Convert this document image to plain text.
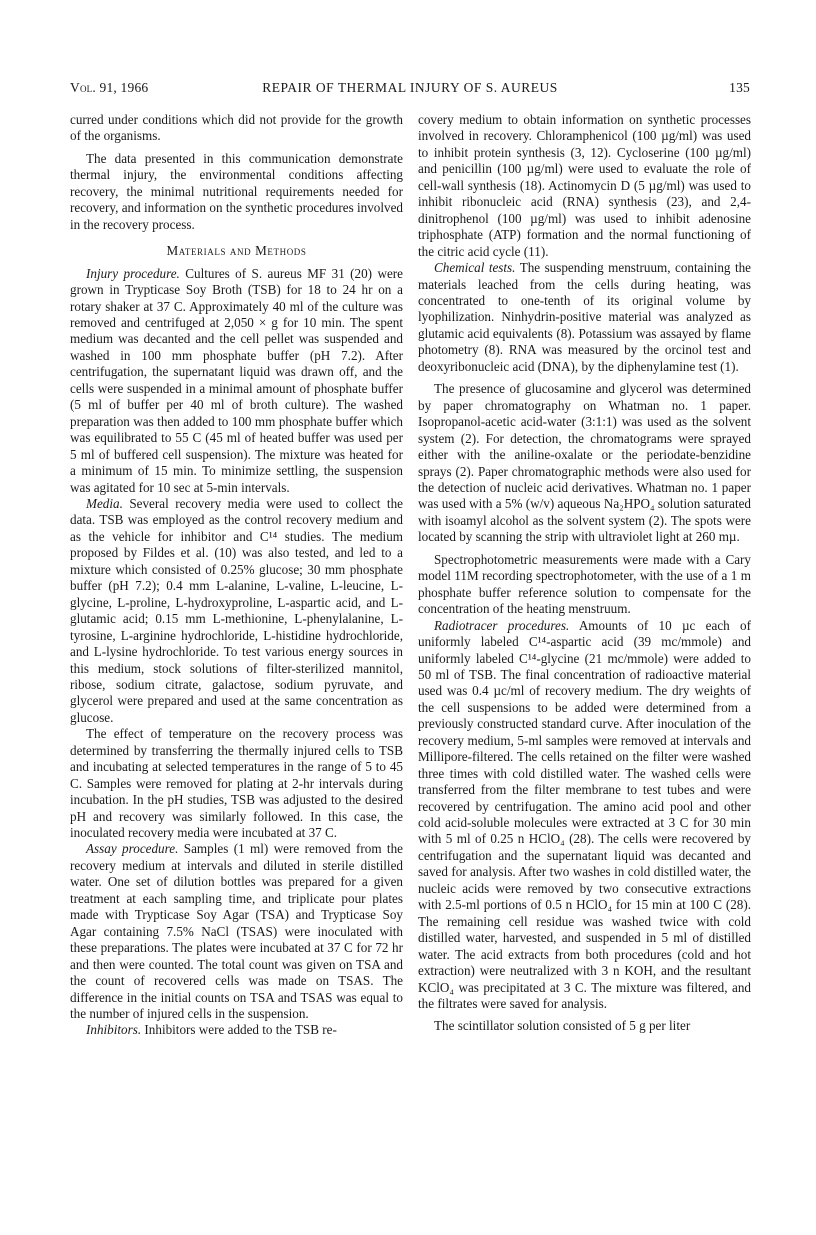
Vol. 91, 1966	REPAIR OF THERMAL INJURY OF S. AUREUS	135

curred under conditions which did not provide for the growth of the organisms.

The data presented in this communication demonstrate thermal injury, the environmental conditions affecting recovery, the minimal nutritional requirements needed for recovery, and information on the synthetic procedures involved in the recovery process.

Materials and Methods

Injury procedure. Cultures of S. aureus MF 31 (20) were grown in Trypticase Soy Broth (TSB) for 18 to 24 hr on a rotary shaker at 37 C. Approximately 40 ml of the culture was removed and centrifuged at 2,050 × g for 10 min. The spent medium was decanted and the cell pellet was suspended and washed in 100 mm phosphate buffer (pH 7.2). After centrifugation, the supernatant liquid was drawn off, and the cells were suspended in a minimal amount of phosphate buffer (5 ml of buffer per 40 ml of broth culture). The washed preparation was then added to 100 mm phosphate buffer which was equilibrated to 55 C (45 ml of heated buffer was used per 5 ml of buffered cell suspension). The mixture was heated for a minimum of 15 min. To minimize settling, the suspension was agitated for 10 sec at 5-min intervals.

Media. Several recovery media were used to collect the data. TSB was employed as the control recovery medium and as the vehicle for inhibitor and C¹⁴ studies. The medium proposed by Fildes et al. (10) was also tested, and led to a mixture which consisted of 0.25% glucose; 30 mm phosphate buffer (pH 7.2); 0.4 mm L-alanine, L-valine, L-leucine, L-glycine, L-proline, L-hydroxyproline, L-aspartic acid, and L-glutamic acid; 0.15 mm L-methionine, L-phenylalanine, L-tyrosine, L-arginine hydrochloride, L-histidine hydrochloride, and L-lysine hydrochloride. To test various energy sources in this medium, stock solutions of filter-sterilized mannitol, ribose, sodium citrate, galactose, sodium pyruvate, and glycerol were prepared and used at the same concentration as glucose.

The effect of temperature on the recovery process was determined by transferring the thermally injured cells to TSB and incubating at selected temperatures in the range of 5 to 45 C. Samples were removed for plating at 2-hr intervals during incubation. In the pH studies, TSB was adjusted to the desired pH and recovery was similarly followed. In this case, the inoculated recovery media were incubated at 37 C.

Assay procedure. Samples (1 ml) were removed from the recovery medium at intervals and diluted in sterile distilled water. One set of dilution bottles was prepared for a given treatment at each sampling time, and triplicate pour plates made with Trypticase Soy Agar (TSA) and Trypticase Soy Agar containing 7.5% NaCl (TSAS) were inoculated with these preparations. The plates were incubated at 37 C for 72 hr and then were counted. The total count was given on TSA and the count of recovered cells was made on TSAS. The difference in the initial counts on TSA and TSAS was equal to the number of injured cells in the suspension.

Inhibitors. Inhibitors were added to the TSB re-

covery medium to obtain information on synthetic processes involved in recovery. Chloramphenicol (100 µg/ml) was used to inhibit protein synthesis (3, 12). Cycloserine (100 µg/ml) and penicillin (100 µg/ml) were used to evaluate the role of cell-wall synthesis (18). Actinomycin D (5 µg/ml) was used to inhibit ribonucleic acid (RNA) synthesis (23), and 2,4-dinitrophenol (100 µg/ml) was used to inhibit adenosine triphosphate (ATP) formation and the normal functioning of the citric acid cycle (11).

Chemical tests. The suspending menstruum, containing the materials leached from the cells during heating, was concentrated to one-tenth of its original volume by lyophilization. Ninhydrin-positive material was analyzed as glutamic acid equivalents (8). Potassium was assayed by flame photometry (8). RNA was measured by the orcinol test and deoxyribonucleic acid (DNA), by the diphenylamine test (1).

The presence of glucosamine and glycerol was determined by paper chromatography on Whatman no. 1 paper. Isopropanol-acetic acid-water (3:1:1) was used as the solvent system (2). For detection, the chromatograms were sprayed either with the aniline-oxalate or the periodate-benzidine sprays (2). Paper chromatographic methods were also used for the detection of nucleic acid derivatives. Whatman no. 1 paper was used with a 5% (w/v) aqueous Na₂HPO₄ solution saturated with isoamyl alcohol as the solvent system (2). The spots were located by scanning the strip with ultraviolet light at 260 mµ.

Spectrophotometric measurements were made with a Cary model 11M recording spectrophotometer, with the use of a 1 m phosphate buffer reference solution to compensate for the concentration of the heating menstruum.

Radiotracer procedures. Amounts of 10 µc each of uniformly labeled C¹⁴-aspartic acid (39 mc/mmole) and uniformly labeled C¹⁴-glycine (21 mc/mmole) were added to 50 ml of TSB. The final concentration of radioactive material used was 0.4 µc/ml of recovery medium. The dry weights of the cell suspensions to be added were determined from a previously constructed standard curve. After inoculation of the recovery medium, 5-ml samples were removed at intervals and Millipore-filtered. The cells retained on the filter were washed three times with cold distilled water. The washed cells were transferred from the filter membrane to test tubes and were recovered by centrifugation. The amino acid pool and other cold acid-soluble molecules were extracted at 3 C for 30 min with 5 ml of 0.25 n HClO₄ (28). The cells were recovered by centrifugation and the supernatant liquid was decanted and saved for analysis. After two washes in cold distilled water, the nucleic acids were removed by two consecutive extractions with 2.5-ml portions of 0.5 n HClO₄ for 15 min at 100 C (28). The remaining cell residue was washed twice with cold distilled water, harvested, and suspended in 5 ml of distilled water. The acid extracts from both procedures (cold and hot extraction) were neutralized with 3 n KOH, and the resultant KClO₄ was precipitated at 3 C. The mixture was filtered, and the filtrates were saved for analysis.

The scintillator solution consisted of 5 g per liter
